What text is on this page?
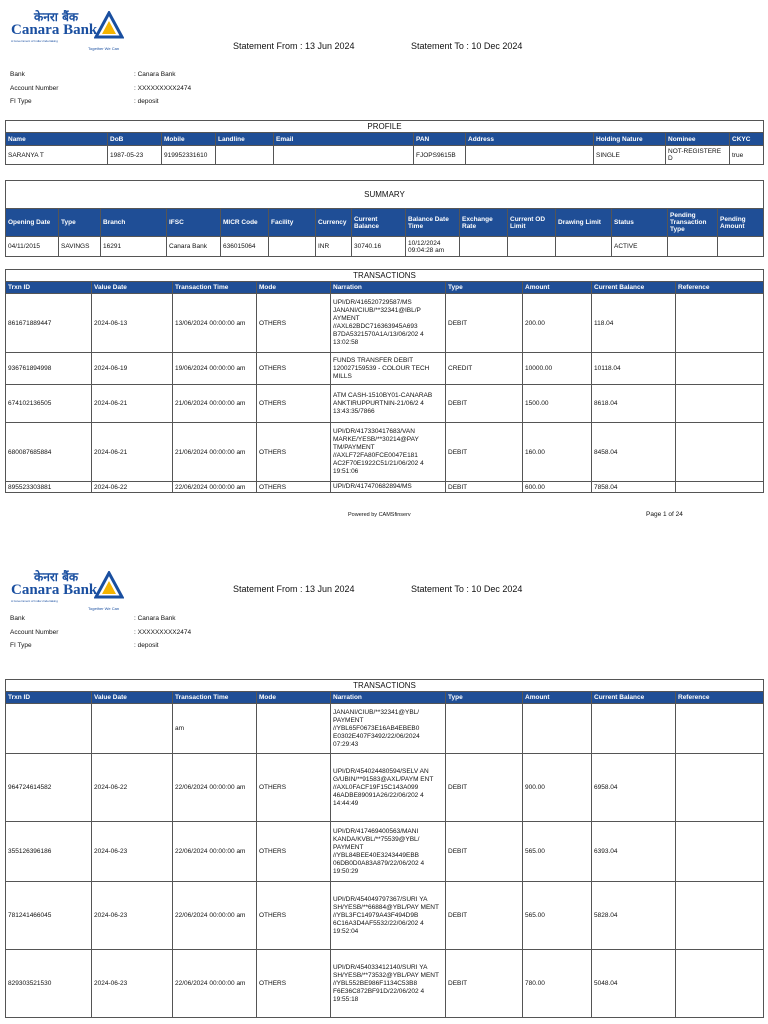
केनरा बैंक
Canara Bank
A Government of India Undertaking
Together We Can	Statement From : 13 Jun 2024	Statement To : 10 Dec 2024
Bank	: Canara Bank
Account Number	: XXXXXXXXX2474
FI Type	: deposit
PROFILE									
Name	DoB	Mobile	Landline	Email	PAN	Address	Holding Nature	Nominee	CKYC
SARANYA T	1987-05-23	919952331610			FJOPS9615B		SINGLE	NOT-REGISTERE D	true
SUMMARY														
Opening Date	Type	Branch	IFSC	MICR Code	Facility	Currency	Current Balance	Balance Date Time	Exchange Rate	Current OD Limit	Drawing Limit	Status	Pending Transaction Type	Pending Amount
04/11/2015	SAVINGS	16291	Canara Bank	636015064		INR	30740.16	10/12/2024 09:04:28 am				ACTIVE		
TRANSACTIONS								
Trxn ID	Value Date	Transaction Time	Mode	Narration	Type	Amount	Current Balance	Reference
861671889447	2024-06-13	13/06/2024 00:00:00 am	OTHERS	UPI/DR/416520729587/MS JANANI/CIUB/**32341@IBL/P AYMENT //AXL62BDC716363945A693 B7DA5321570A1A/13/06/202 4 13:02:58	DEBIT	200.00	118.04	
936761894998	2024-06-19	19/06/2024 00:00:00 am	OTHERS	FUNDS TRANSFER DEBIT 120027159539 - COLOUR TECH MILLS	CREDIT	10000.00	10118.04	
674102136505	2024-06-21	21/06/2024 00:00:00 am	OTHERS	ATM CASH-1510BY01-CANARAB ANKTIRUPPURTNIN-21/06/2 4 13:43:35/7866	DEBIT	1500.00	8618.04	
680087685884	2024-06-21	21/06/2024 00:00:00 am	OTHERS	UPI/DR/417330417683/VAN MARKE/YESB/**30214@PAY TM/PAYMENT //AXLF72FA80FCE0047E181 AC2F70E1922C51/21/06/202 4 19:51:06	DEBIT	160.00	8458.04	
895523303881	2024-06-22	22/06/2024 00:00:00 am	OTHERS	UPI/DR/417470682894/MS	DEBIT	600.00	7858.04	
Powered by CAMSfinserv	Page 1 of 24
केनरा बैंक
Canara Bank
A Government of India Undertaking
Together We Can
Statement From : 13 Jun 2024	Statement To : 10 Dec 2024
Bank	: Canara Bank
Account Number	: XXXXXXXXX2474
FI Type	: deposit
TRANSACTIONS								
Trxn ID	Value Date	Transaction Time	Mode	Narration	Type	Amount	Current Balance	Reference
		am		JANANI/CIUB/**32341@YBL/ PAYMENT //YBL65F0673E16AB4EBEB0 E0302E407F3492/22/06/2024 07:29:43				
964724614582	2024-06-22	22/06/2024 00:00:00 am	OTHERS	UPI/DR/454024480594/SELV AN G/UBIN/**91583@AXL/PAYM ENT //AXL0FACF19F15C143A099 46ADBE89091A26/22/06/202 4 14:44:49	DEBIT	900.00	6958.04	
355126396186	2024-06-23	22/06/2024 00:00:00 am	OTHERS	UPI/DR/417469400563/MANI KANDA/KVBL/**75539@YBL/ PAYMENT //YBL84BEE40E3243449EBB 06DB0D0A83A879/22/06/202 4 19:50:29	DEBIT	565.00	6393.04	
781241466045	2024-06-23	22/06/2024 00:00:00 am	OTHERS	UPI/DR/454049797367/SURI YA SH/YESB/**66884@YBL/PAY MENT //YBL3FC14979A43F494D9B 6C16A3D4AF5532/22/06/202 4 19:52:04	DEBIT	565.00	5828.04	
829303521530	2024-06-23	22/06/2024 00:00:00 am	OTHERS	UPI/DR/454033412140/SURI YA SH/YESB/**73532@YBL/PAY MENT //YBL552BE986F1134C53B8 F6E36C872BF91D/22/06/202 4 19:55:18	DEBIT	780.00	5048.04	
